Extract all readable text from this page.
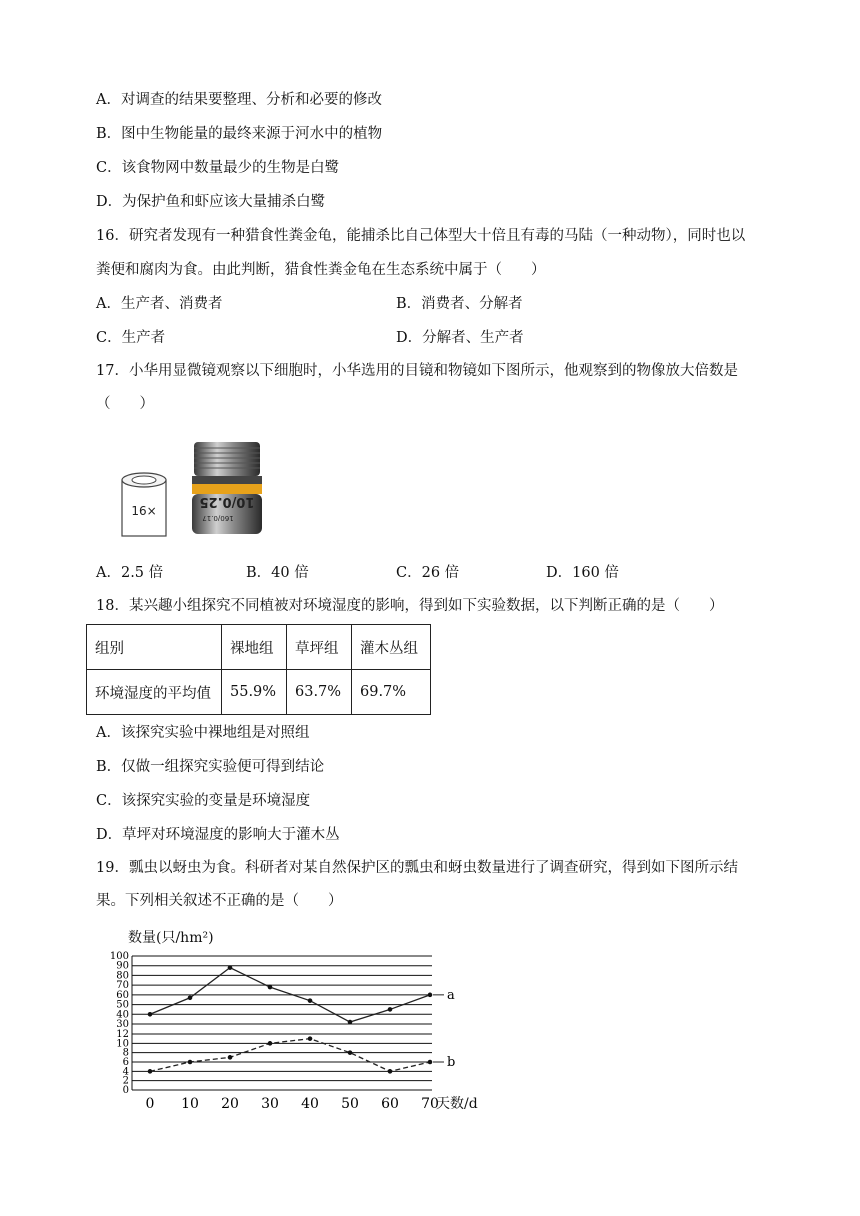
A．对调查的结果要整理、分析和必要的修改
B．图中生物能量的最终来源于河水中的植物
C．该食物网中数量最少的生物是白鹭
D．为保护鱼和虾应该大量捕杀白鹭
16．研究者发现有一种猎食性粪金龟，能捕杀比自己体型大十倍且有毒的马陆（一种动物），同时也以
粪便和腐肉为食。由此判断，猎食性粪金龟在生态系统中属于（　　）
A．生产者、消费者	B．消费者、分解者
C．生产者	D．分解者、生产者
17．小华用显微镜观察以下细胞时，小华选用的目镜和物镜如下图所示，他观察到的物像放大倍数是
（　　）
16×
10/0.25
160/0.17
A．2.5 倍	B．40 倍	C．26 倍	D．160 倍
18．某兴趣小组探究不同植被对环境湿度的影响，得到如下实验数据，以下判断正确的是（　　）
组别	裸地组	草坪组	灌木丛组
环境湿度的平均值	55.9%	63.7%	69.7%
A．该探究实验中裸地组是对照组
B．仅做一组探究实验便可得到结论
C．该探究实验的变量是环境湿度
D．草坪对环境湿度的影响大于灌木丛
19．瓢虫以蚜虫为食。科研者对某自然保护区的瓢虫和蚜虫数量进行了调查研究，得到如下图所示结
果。下列相关叙述不正确的是（　　）
数量(只/hm²)
天数/d
100
90
80
70
60
50
40
30
12
10
8
6
4
2
0
0 10 20 30 40 50 60 70
a
b
